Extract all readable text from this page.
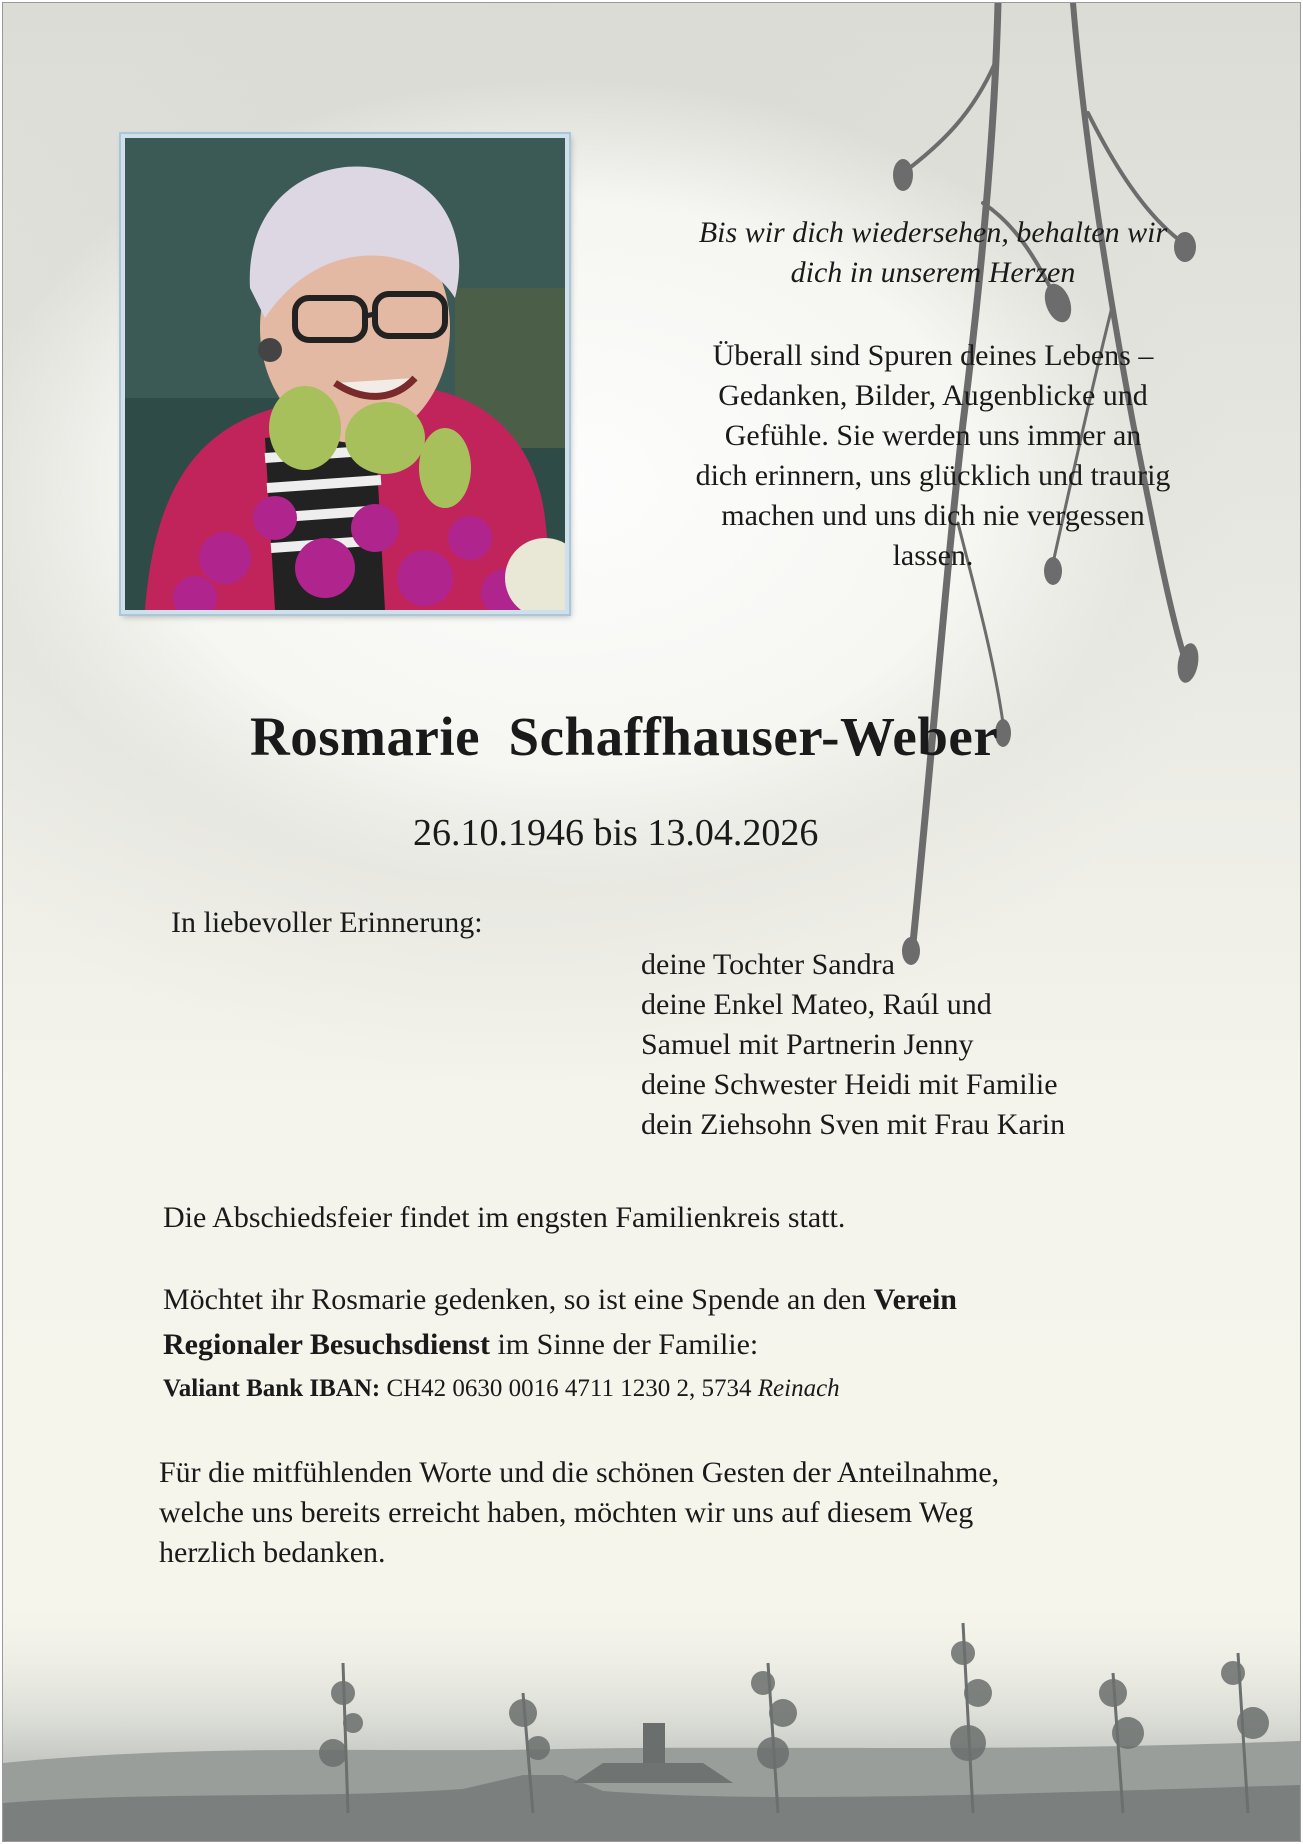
Bis wir dich wiedersehen, behalten wir
dich in unserem Herzen
Überall sind Spuren deines Lebens –
Gedanken, Bilder, Augenblicke und
Gefühle. Sie werden uns immer an
dich erinnern, uns glücklich und traurig
machen und uns dich nie vergessen
lassen.
Rosmarie Schaffhauser-Weber
26.10.1946 bis 13.04.2026
In liebevoller Erinnerung:
deine Tochter Sandra
deine Enkel Mateo, Raúl und
Samuel mit Partnerin Jenny
deine Schwester Heidi mit Familie
dein Ziehsohn Sven mit Frau Karin
Die Abschiedsfeier findet im engsten Familienkreis statt.
Möchtet ihr Rosmarie gedenken, so ist eine Spende an den Verein
Regionaler Besuchsdienst im Sinne der Familie:
Valiant Bank IBAN: CH42 0630 0016 4711 1230 2, 5734 Reinach
Für die mitfühlenden Worte und die schönen Gesten der Anteilnahme,
welche uns bereits erreicht haben, möchten wir uns auf diesem Weg
herzlich bedanken.
